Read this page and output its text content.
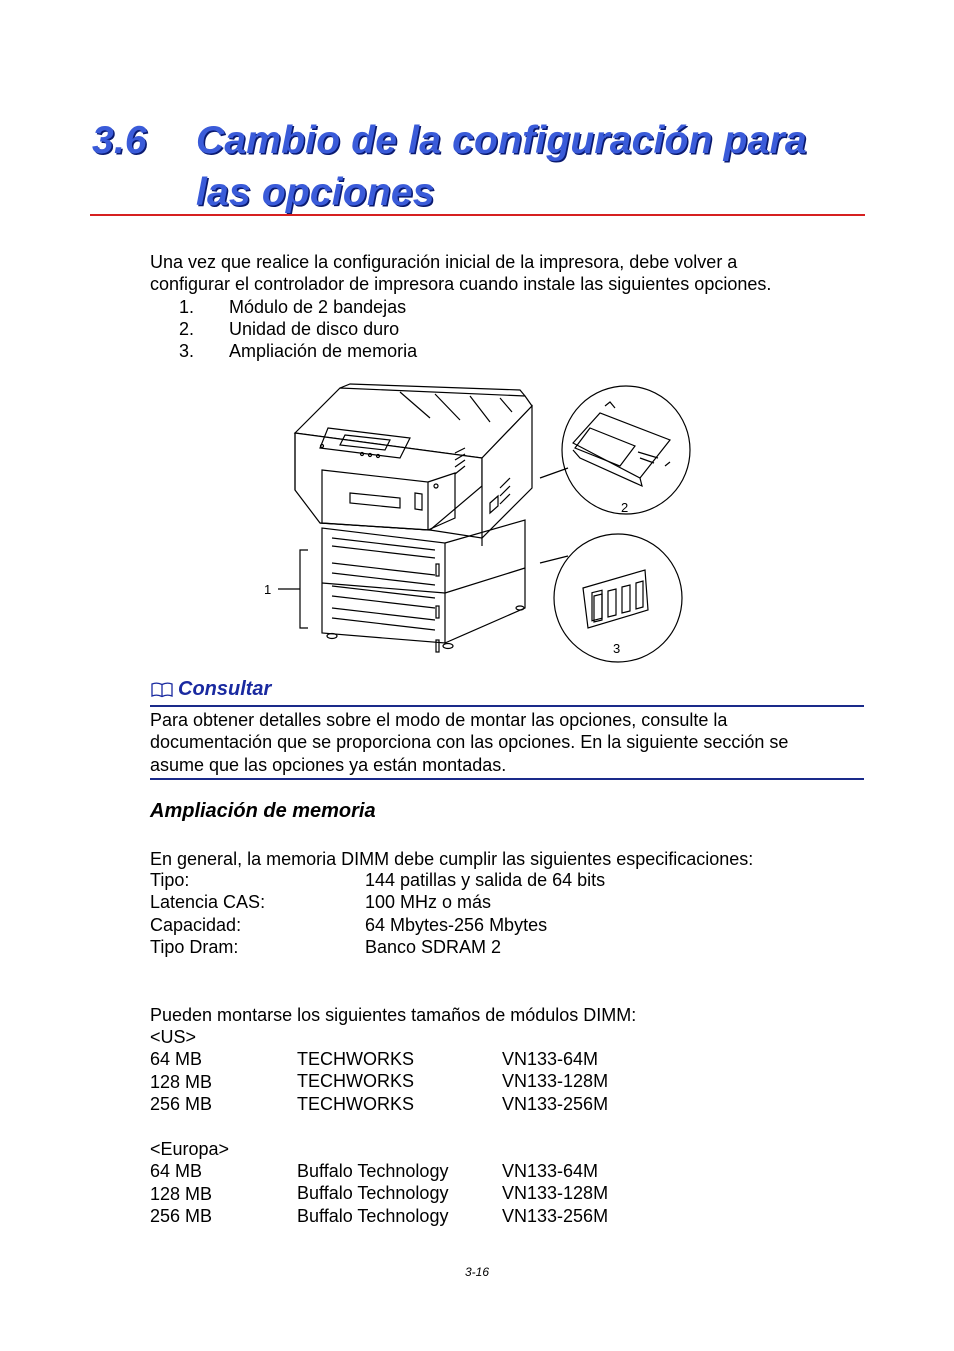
3.6 Cambio de la configuración para
las opciones
Una vez que realice la configuración inicial de la impresora, debe volver a
configurar el controlador de impresora cuando instale las siguientes opciones.
1. Módulo de 2 bandejas
2. Unidad de disco duro
3. Ampliación de memoria
1
2
3
Consultar
Para obtener detalles sobre el modo de montar las opciones, consulte la
documentación que se proporciona con las opciones. En la siguiente sección se
asume que las opciones ya están montadas.
Ampliación de memoria
En general, la memoria DIMM debe cumplir las siguientes especificaciones:
Tipo:
Latencia CAS:
Capacidad:
Tipo Dram:
144 patillas y salida de 64 bits
100 MHz o más
64 Mbytes-256 Mbytes
Banco SDRAM 2
Pueden montarse los siguientes tamaños de módulos DIMM:
<US>
64 MB
128 MB
256 MB
TECHWORKS
TECHWORKS
TECHWORKS
VN133-64M
VN133-128M
VN133-256M
<Europa>
64 MB
128 MB
256 MB
Buffalo Technology
Buffalo Technology
Buffalo Technology
VN133-64M
VN133-128M
VN133-256M
3-16
